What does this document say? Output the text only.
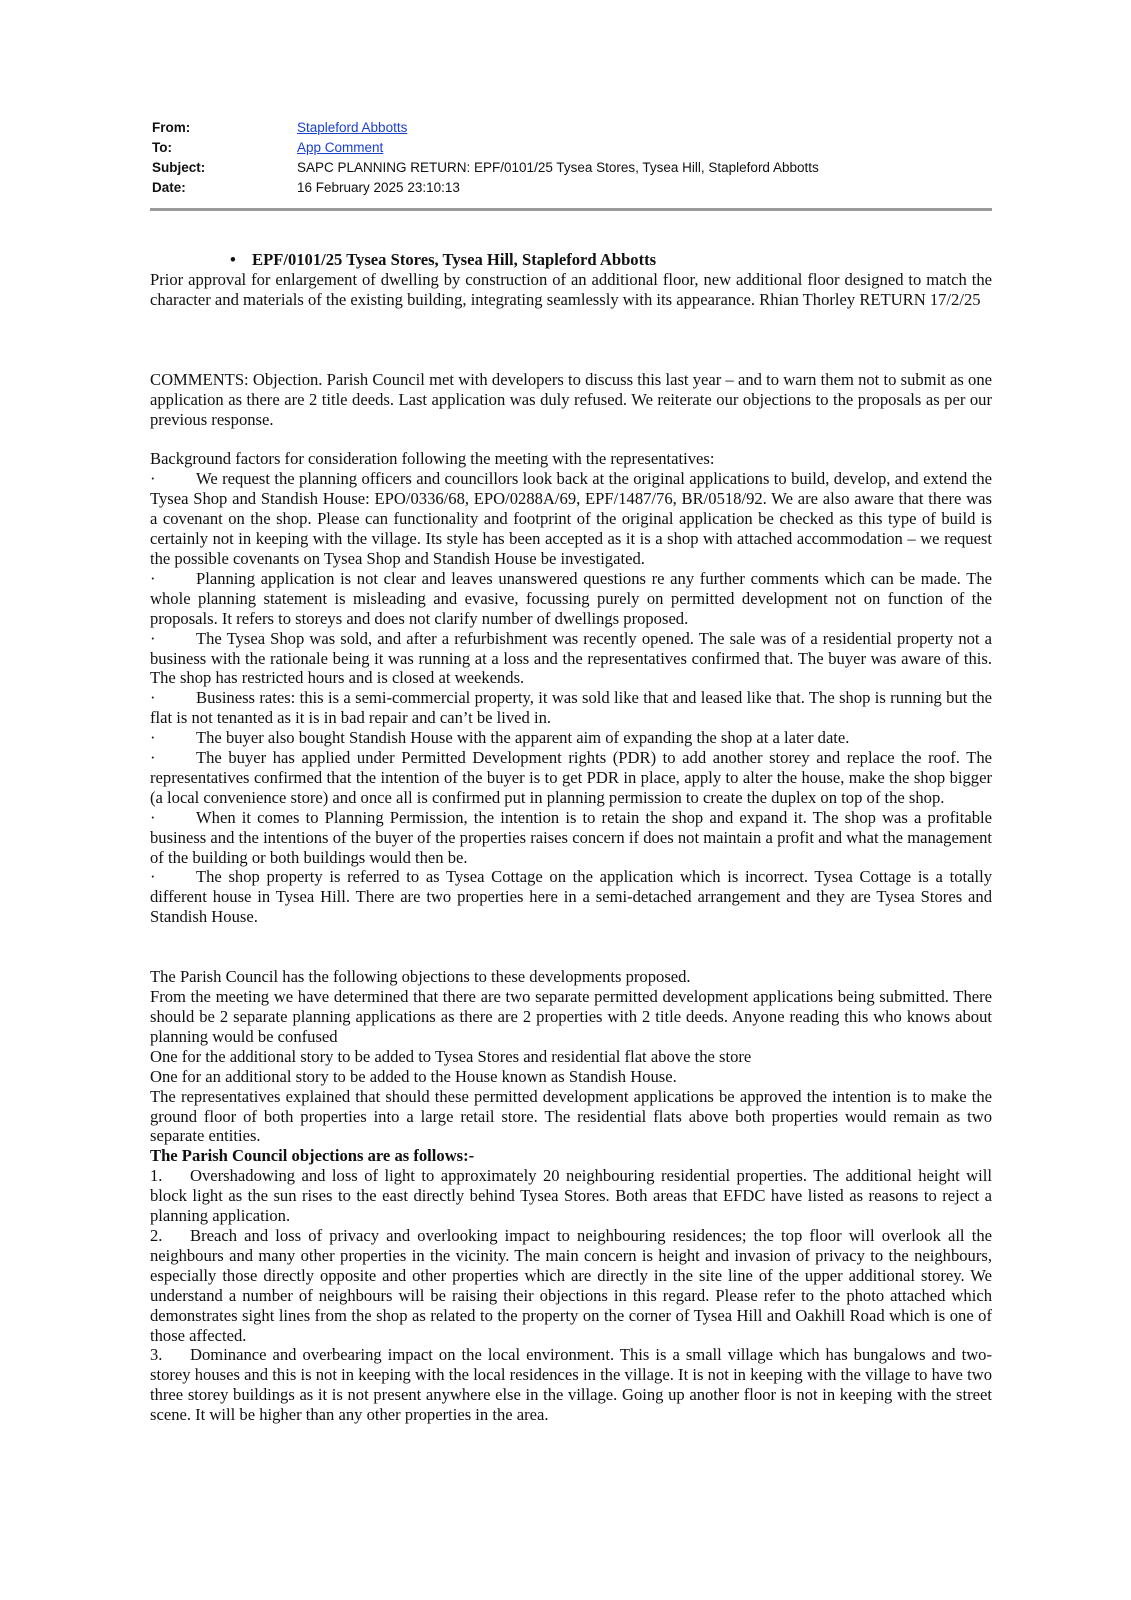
From:	Stapleford Abbotts
To:	App Comment
Subject:	SAPC PLANNING RETURN: EPF/0101/25 Tysea Stores, Tysea Hill, Stapleford Abbotts
Date:	16 February 2025 23:10:13

• EPF/0101/25 Tysea Stores, Tysea Hill, Stapleford Abbotts

Prior approval for enlargement of dwelling by construction of an additional floor, new additional floor designed to match the character and materials of the existing building, integrating seamlessly with its appearance. Rhian Thorley RETURN 17/2/25

COMMENTS: Objection. Parish Council met with developers to discuss this last year – and to warn them not to submit as one application as there are 2 title deeds. Last application was duly refused. We reiterate our objections to the proposals as per our previous response.

Background factors for consideration following the meeting with the representatives:

· We request the planning officers and councillors look back at the original applications to build, develop, and extend the Tysea Shop and Standish House: EPO/0336/68, EPO/0288A/69, EPF/1487/76, BR/0518/92. We are also aware that there was a covenant on the shop. Please can functionality and footprint of the original application be checked as this type of build is certainly not in keeping with the village. Its style has been accepted as it is a shop with attached accommodation – we request the possible covenants on Tysea Shop and Standish House be investigated.

· Planning application is not clear and leaves unanswered questions re any further comments which can be made. The whole planning statement is misleading and evasive, focussing purely on permitted development not on function of the proposals. It refers to storeys and does not clarify number of dwellings proposed.

· The Tysea Shop was sold, and after a refurbishment was recently opened. The sale was of a residential property not a business with the rationale being it was running at a loss and the representatives confirmed that. The buyer was aware of this. The shop has restricted hours and is closed at weekends.

· Business rates: this is a semi-commercial property, it was sold like that and leased like that. The shop is running but the flat is not tenanted as it is in bad repair and can’t be lived in.

· The buyer also bought Standish House with the apparent aim of expanding the shop at a later date.

· The buyer has applied under Permitted Development rights (PDR) to add another storey and replace the roof. The representatives confirmed that the intention of the buyer is to get PDR in place, apply to alter the house, make the shop bigger (a local convenience store) and once all is confirmed put in planning permission to create the duplex on top of the shop.

· When it comes to Planning Permission, the intention is to retain the shop and expand it. The shop was a profitable business and the intentions of the buyer of the properties raises concern if does not maintain a profit and what the management of the building or both buildings would then be.

· The shop property is referred to as Tysea Cottage on the application which is incorrect. Tysea Cottage is a totally different house in Tysea Hill. There are two properties here in a semi-detached arrangement and they are Tysea Stores and Standish House.

The Parish Council has the following objections to these developments proposed.

From the meeting we have determined that there are two separate permitted development applications being submitted. There should be 2 separate planning applications as there are 2 properties with 2 title deeds. Anyone reading this who knows about planning would be confused

One for the additional story to be added to Tysea Stores and residential flat above the store

One for an additional story to be added to the House known as Standish House.

The representatives explained that should these permitted development applications be approved the intention is to make the ground floor of both properties into a large retail store. The residential flats above both properties would remain as two separate entities.

The Parish Council objections are as follows:-

1. Overshadowing and loss of light to approximately 20 neighbouring residential properties. The additional height will block light as the sun rises to the east directly behind Tysea Stores. Both areas that EFDC have listed as reasons to reject a planning application.

2. Breach and loss of privacy and overlooking impact to neighbouring residences; the top floor will overlook all the neighbours and many other properties in the vicinity. The main concern is height and invasion of privacy to the neighbours, especially those directly opposite and other properties which are directly in the site line of the upper additional storey. We understand a number of neighbours will be raising their objections in this regard. Please refer to the photo attached which demonstrates sight lines from the shop as related to the property on the corner of Tysea Hill and Oakhill Road which is one of those affected.

3. Dominance and overbearing impact on the local environment. This is a small village which has bungalows and two-storey houses and this is not in keeping with the local residences in the village. It is not in keeping with the village to have two three storey buildings as it is not present anywhere else in the village. Going up another floor is not in keeping with the street scene. It will be higher than any other properties in the area.
